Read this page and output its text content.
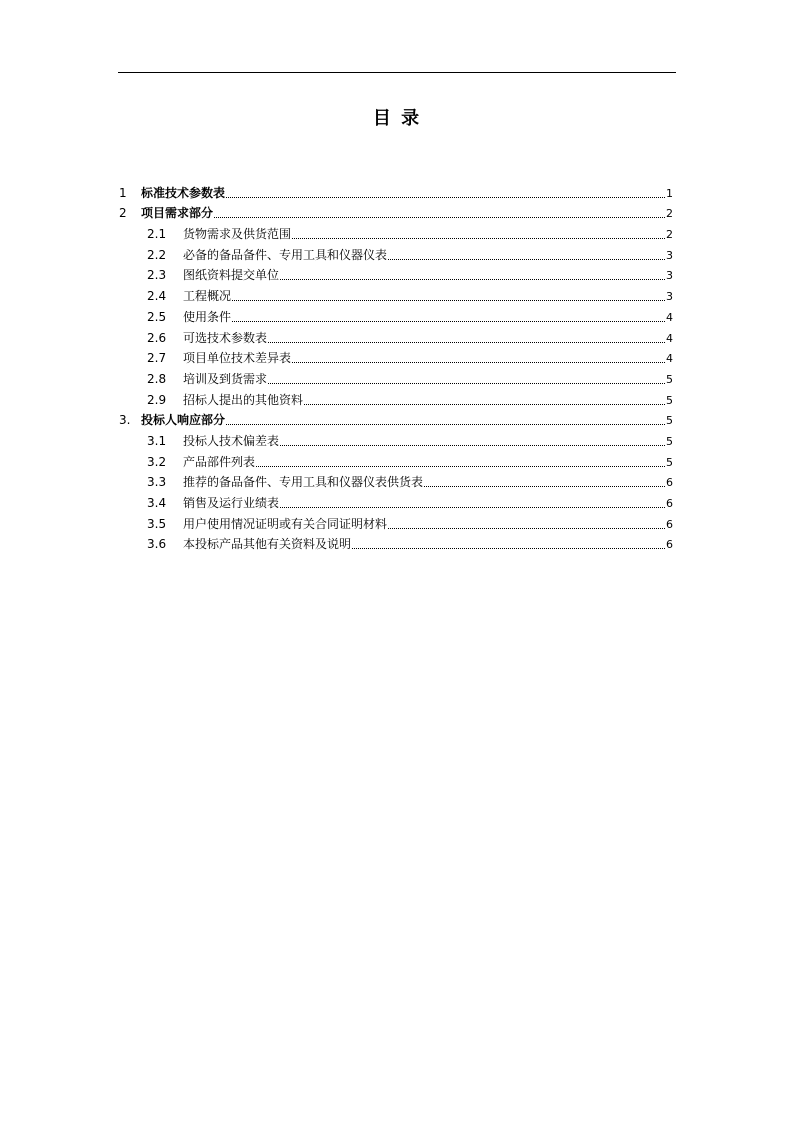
目 录
1	标准技术参数表	1
2	项目需求部分	2
2.1	货物需求及供货范围	2
2.2	必备的备品备件、专用工具和仪器仪表	3
2.3	图纸资料提交单位	3
2.4	工程概况	3
2.5	使用条件	4
2.6	可选技术参数表	4
2.7	项目单位技术差异表	4
2.8	培训及到货需求	5
2.9	招标人提出的其他资料	5
3. 投标人响应部分	5
3.1	投标人技术偏差表	5
3.2	产品部件列表	5
3.3	推荐的备品备件、专用工具和仪器仪表供货表	6
3.4	销售及运行业绩表	6
3.5	用户使用情况证明或有关合同证明材料	6
3.6	本投标产品其他有关资料及说明	6
